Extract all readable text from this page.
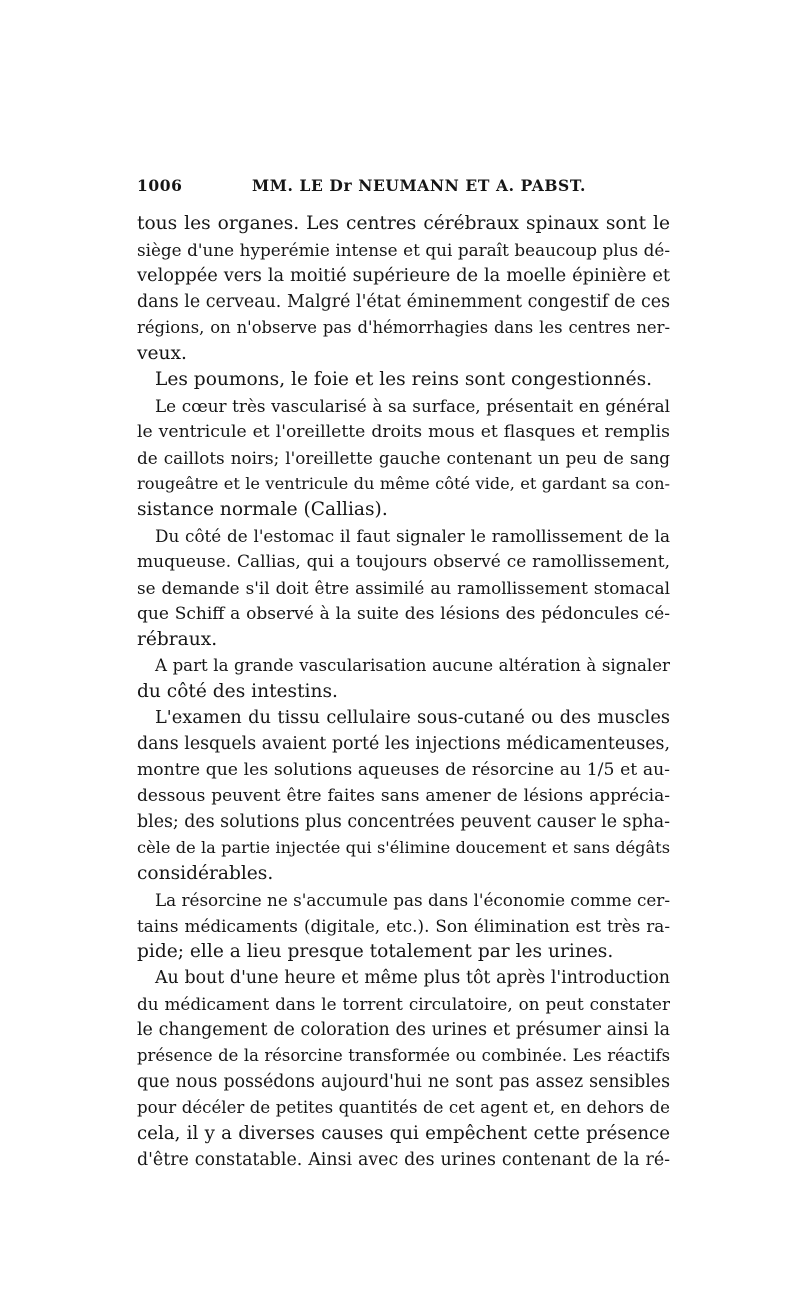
1006	MM. LE Dr NEUMANN ET A. PABST.
tous les organes. Les centres cérébraux spinaux sont le
siège d'une hyperémie intense et qui paraît beaucoup plus dé-
veloppée vers la moitié supérieure de la moelle épinière et
dans le cerveau. Malgré l'état éminemment congestif de ces
régions, on n'observe pas d'hémorrhagies dans les centres ner-
veux.
Les poumons, le foie et les reins sont congestionnés.
Le cœur très vascularisé à sa surface, présentait en général
le ventricule et l'oreillette droits mous et flasques et remplis
de caillots noirs; l'oreillette gauche contenant un peu de sang
rougeâtre et le ventricule du même côté vide, et gardant sa con-
sistance normale (Callias).
Du côté de l'estomac il faut signaler le ramollissement de la
muqueuse. Callias, qui a toujours observé ce ramollissement,
se demande s'il doit être assimilé au ramollissement stomacal
que Schiff a observé à la suite des lésions des pédoncules cé-
rébraux.
A part la grande vascularisation aucune altération à signaler
du côté des intestins.
L'examen du tissu cellulaire sous-cutané ou des muscles
dans lesquels avaient porté les injections médicamenteuses,
montre que les solutions aqueuses de résorcine au 1/5 et au-
dessous peuvent être faites sans amener de lésions apprécia-
bles; des solutions plus concentrées peuvent causer le spha-
cèle de la partie injectée qui s'élimine doucement et sans dégâts
considérables.
La résorcine ne s'accumule pas dans l'économie comme cer-
tains médicaments (digitale, etc.). Son élimination est très ra-
pide; elle a lieu presque totalement par les urines.
Au bout d'une heure et même plus tôt après l'introduction
du médicament dans le torrent circulatoire, on peut constater
le changement de coloration des urines et présumer ainsi la
présence de la résorcine transformée ou combinée. Les réactifs
que nous possédons aujourd'hui ne sont pas assez sensibles
pour décéler de petites quantités de cet agent et, en dehors de
cela, il y a diverses causes qui empêchent cette présence
d'être constatable. Ainsi avec des urines contenant de la ré-
